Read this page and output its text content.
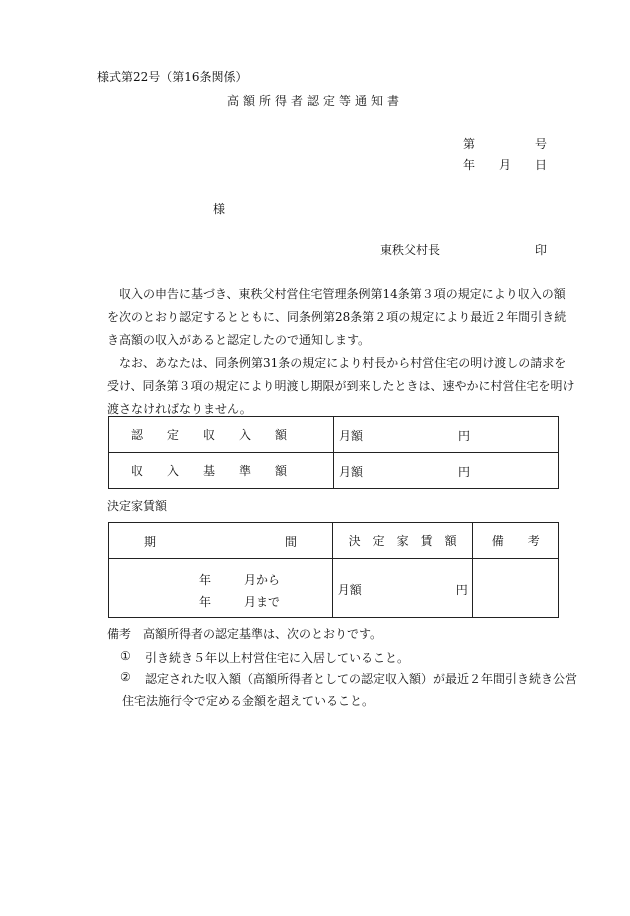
様式第22号（第16条関係）
高額所得者認定等通知書
第	号
年 月 日
様
東秩父村長	印
収入の申告に基づき、東秩父村営住宅管理条例第14条第３項の規定により収入の額を次のとおり認定するとともに、同条例第28条第２項の規定により最近２年間引き続き高額の収入があると認定したので通知します。
なお、あなたは、同条例第31条の規定により村長から村営住宅の明け渡しの請求を受け、同条第３項の規定により明渡し期限が到来したときは、速やかに村営住宅を明け渡さなければなりません。
認定収入額	月額 円

収入基準額	月額 円
決定家賃額
期 間	決　定　家　賃　額	備　　考

年 月から
年 月まで	月額 円	

備考　高額所得者の認定基準は、次のとおりです。
① 引き続き５年以上村営住宅に入居していること。
② 認定された収入額（高額所得者としての認定収入額）が最近２年間引き続き公営
住宅法施行令で定める金額を超えていること。
